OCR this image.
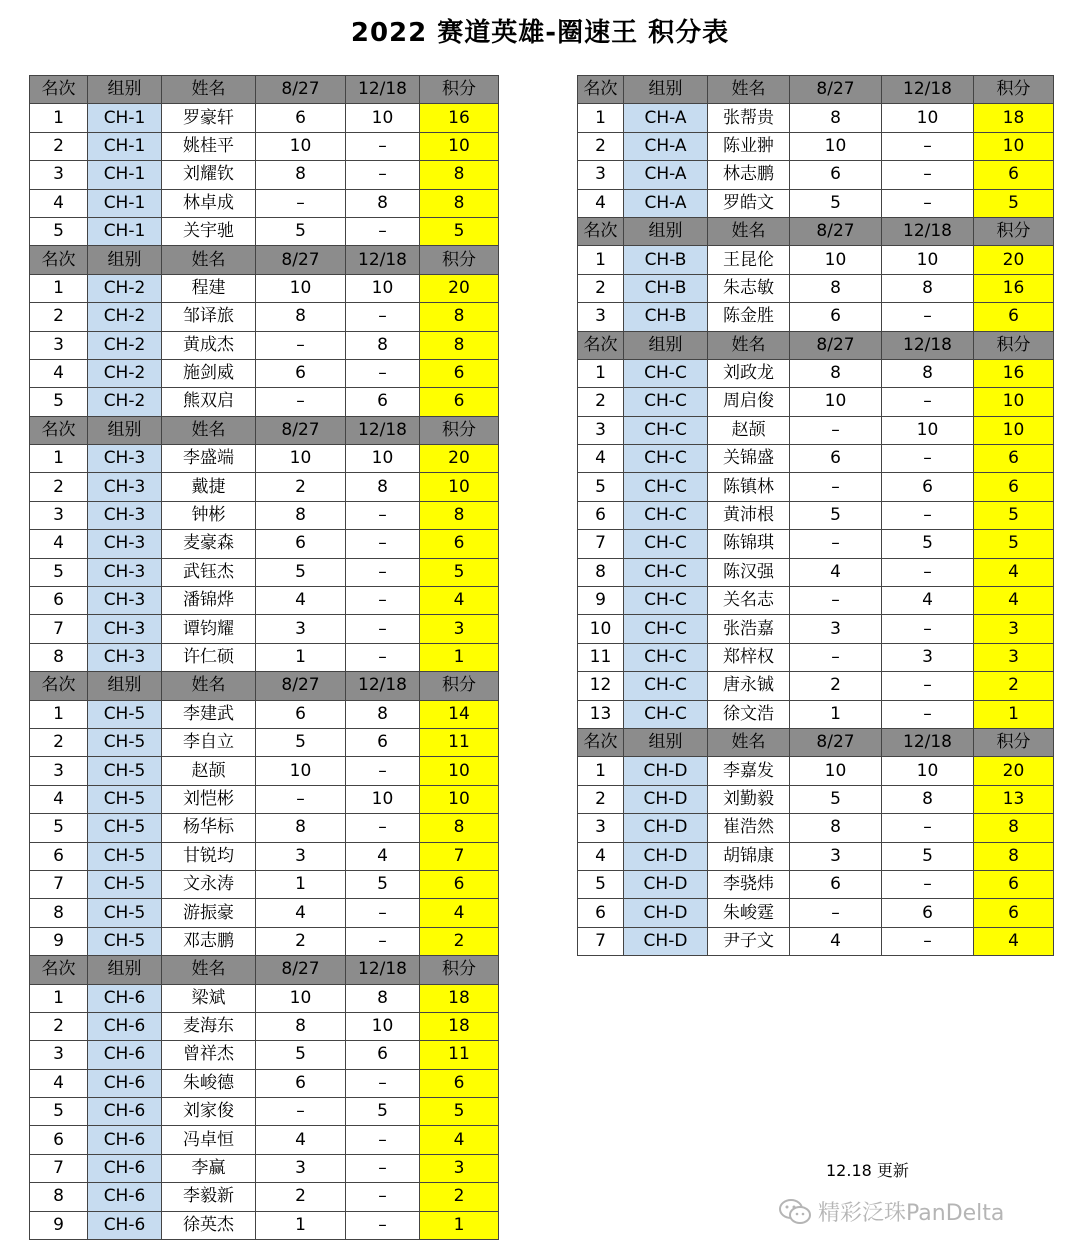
2022 赛道英雄-圈速王 积分表
名次	组别	姓名	8/27	12/18	积分
1	CH-1	罗豪轩	6	10	16
2	CH-1	姚桂平	10	–	10
3	CH-1	刘耀钦	8	–	8
4	CH-1	林卓成	–	8	8
5	CH-1	关宇驰	5	–	5
名次	组别	姓名	8/27	12/18	积分
1	CH-2	程建	10	10	20
2	CH-2	邹译旅	8	–	8
3	CH-2	黄成杰	–	8	8
4	CH-2	施剑威	6	–	6
5	CH-2	熊双启	–	6	6
名次	组别	姓名	8/27	12/18	积分
1	CH-3	李盛端	10	10	20
2	CH-3	戴捷	2	8	10
3	CH-3	钟彬	8	–	8
4	CH-3	麦豪森	6	–	6
5	CH-3	武钰杰	5	–	5
6	CH-3	潘锦烨	4	–	4
7	CH-3	谭钧耀	3	–	3
8	CH-3	许仁硕	1	–	1
名次	组别	姓名	8/27	12/18	积分
1	CH-5	李建武	6	8	14
2	CH-5	李自立	5	6	11
3	CH-5	赵颉	10	–	10
4	CH-5	刘恺彬	–	10	10
5	CH-5	杨华标	8	–	8
6	CH-5	甘锐均	3	4	7
7	CH-5	文永涛	1	5	6
8	CH-5	游振豪	4	–	4
9	CH-5	邓志鹏	2	–	2
名次	组别	姓名	8/27	12/18	积分
1	CH-6	梁斌	10	8	18
2	CH-6	麦海东	8	10	18
3	CH-6	曾祥杰	5	6	11
4	CH-6	朱峻德	6	–	6
5	CH-6	刘家俊	–	5	5
6	CH-6	冯卓恒	4	–	4
7	CH-6	李赢	3	–	3
8	CH-6	李毅新	2	–	2
9	CH-6	徐英杰	1	–	1
名次	组别	姓名	8/27	12/18	积分
1	CH-A	张帮贵	8	10	18
2	CH-A	陈业翀	10	–	10
3	CH-A	林志鹏	6	–	6
4	CH-A	罗皓文	5	–	5
名次	组别	姓名	8/27	12/18	积分
1	CH-B	王昆伦	10	10	20
2	CH-B	朱志敏	8	8	16
3	CH-B	陈金胜	6	–	6
名次	组别	姓名	8/27	12/18	积分
1	CH-C	刘政龙	8	8	16
2	CH-C	周启俊	10	–	10
3	CH-C	赵颉	–	10	10
4	CH-C	关锦盛	6	–	6
5	CH-C	陈镇林	–	6	6
6	CH-C	黄沛根	5	–	5
7	CH-C	陈锦琪	–	5	5
8	CH-C	陈汉强	4	–	4
9	CH-C	关名志	–	4	4
10	CH-C	张浩嘉	3	–	3
11	CH-C	郑梓权	–	3	3
12	CH-C	唐永铖	2	–	2
13	CH-C	徐文浩	1	–	1
名次	组别	姓名	8/27	12/18	积分
1	CH-D	李嘉发	10	10	20
2	CH-D	刘勤毅	5	8	13
3	CH-D	崔浩然	8	–	8
4	CH-D	胡锦康	3	5	8
5	CH-D	李骁炜	6	–	6
6	CH-D	朱峻霆	–	6	6
7	CH-D	尹子文	4	–	4
12.18 更新
精彩泛珠PanDelta
